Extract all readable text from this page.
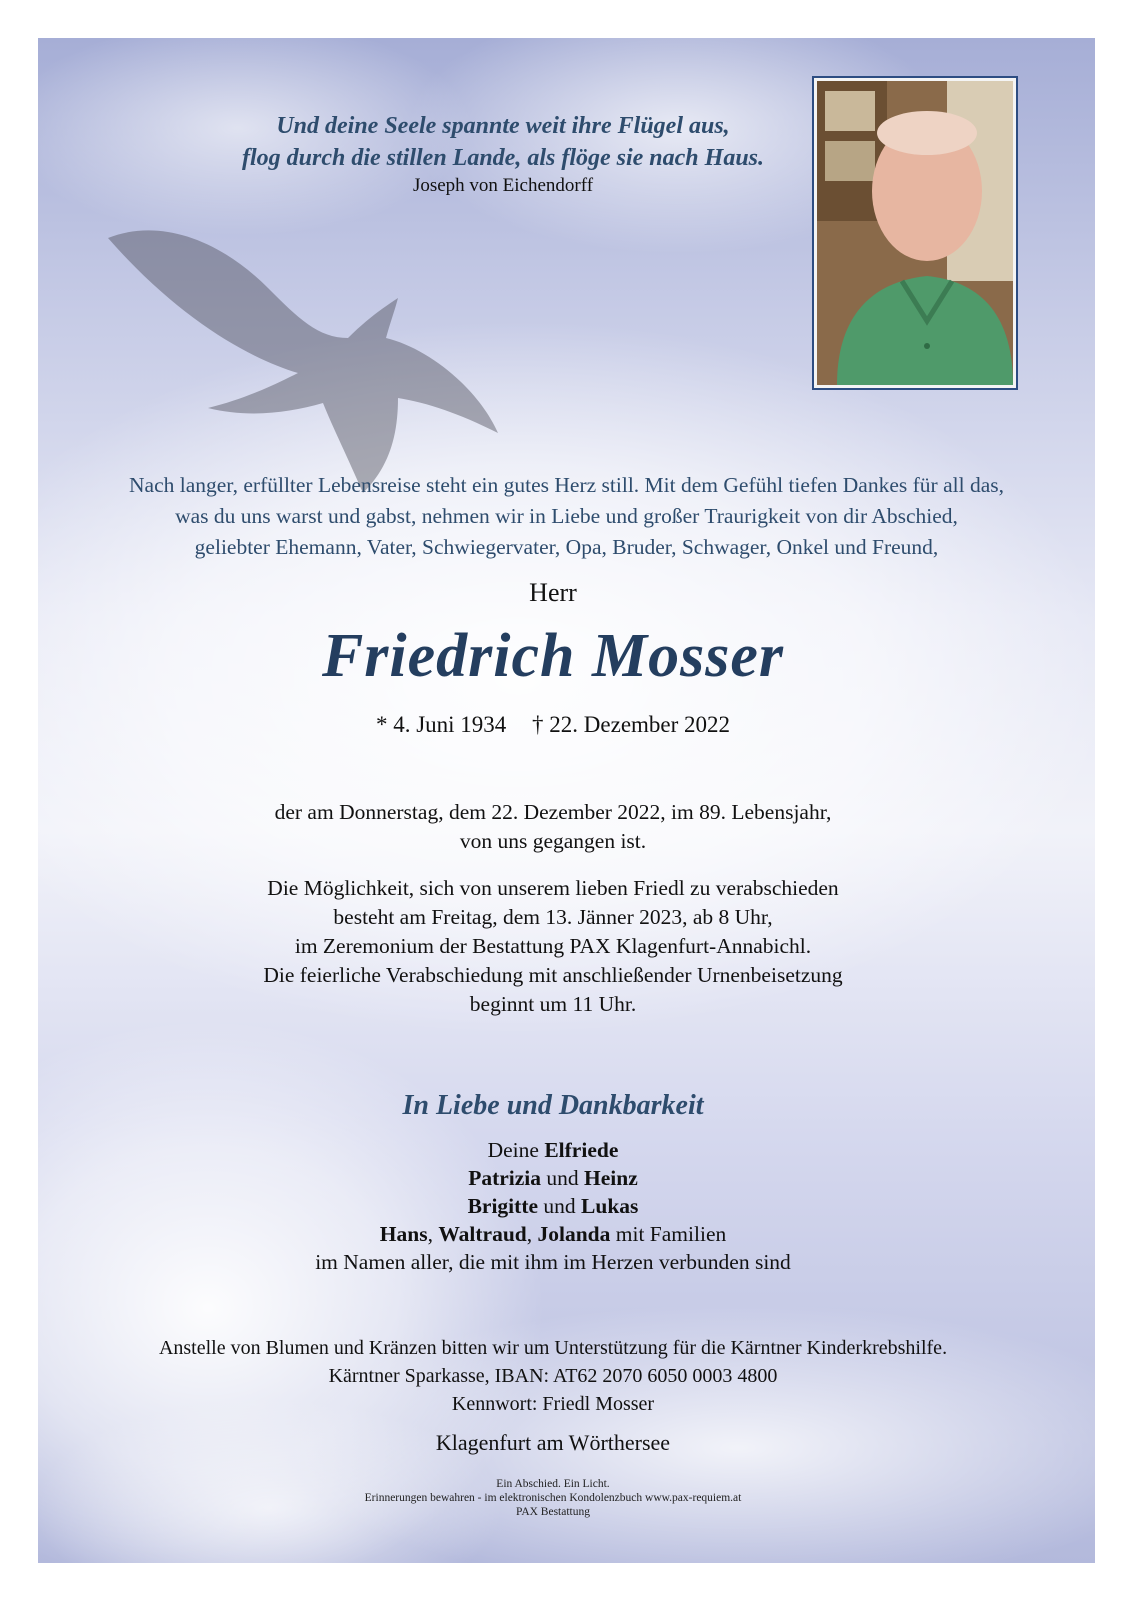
Und deine Seele spannte weit ihre Flügel aus,
flog durch die stillen Lande, als flöge sie nach Haus.
Joseph von Eichendorff
Nach langer, erfüllter Lebensreise steht ein gutes Herz still. Mit dem Gefühl tiefen Dankes für all das,
was du uns warst und gabst, nehmen wir in Liebe und großer Traurigkeit von dir Abschied,
geliebter Ehemann, Vater, Schwiegervater, Opa, Bruder, Schwager, Onkel und Freund,
Herr
Friedrich Mosser
* 4. Juni 1934 † 22. Dezember 2022
der am Donnerstag, dem 22. Dezember 2022, im 89. Lebensjahr,
von uns gegangen ist.
Die Möglichkeit, sich von unserem lieben Friedl zu verabschieden
besteht am Freitag, dem 13. Jänner 2023, ab 8 Uhr,
im Zeremonium der Bestattung PAX Klagenfurt-Annabichl.
Die feierliche Verabschiedung mit anschließender Urnenbeisetzung
beginnt um 11 Uhr.
In Liebe und Dankbarkeit
Deine Elfriede
Patrizia und Heinz
Brigitte und Lukas
Hans, Waltraud, Jolanda mit Familien
im Namen aller, die mit ihm im Herzen verbunden sind
Anstelle von Blumen und Kränzen bitten wir um Unterstützung für die Kärntner Kinderkrebshilfe.
Kärntner Sparkasse, IBAN: AT62 2070 6050 0003 4800
Kennwort: Friedl Mosser
Klagenfurt am Wörthersee
Ein Abschied. Ein Licht.
Erinnerungen bewahren - im elektronischen Kondolenzbuch www.pax-requiem.at
PAX Bestattung
